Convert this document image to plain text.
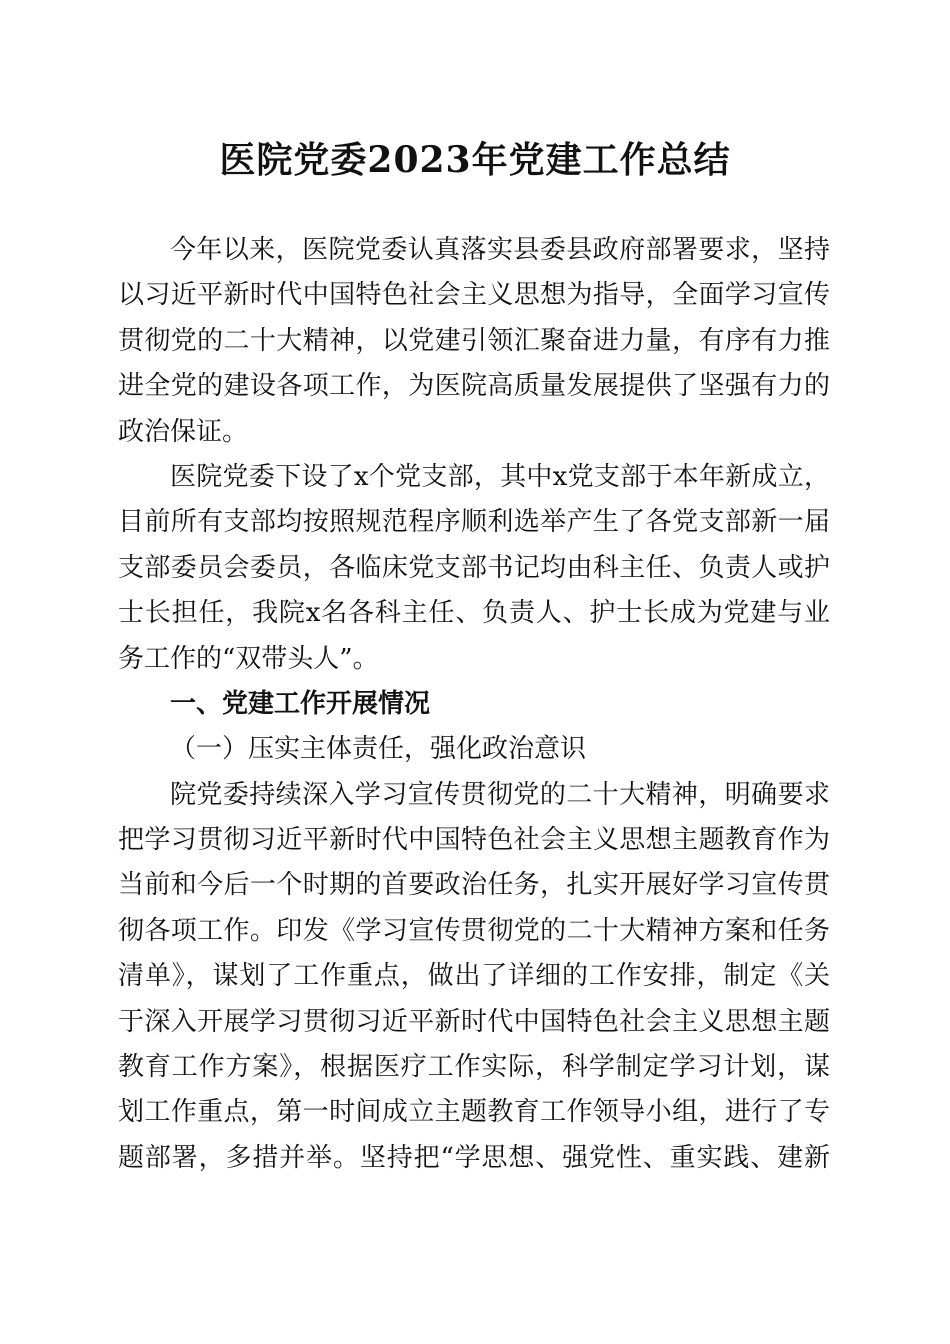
医院党委2023年党建工作总结
今年以来，医院党委认真落实县委县政府部署要求，坚持
以习近平新时代中国特色社会主义思想为指导，全面学习宣传
贯彻党的二十大精神，以党建引领汇聚奋进力量，有序有力推
进全党的建设各项工作，为医院高质量发展提供了坚强有力的
政治保证。
医院党委下设了x个党支部，其中x党支部于本年新成立，
目前所有支部均按照规范程序顺利选举产生了各党支部新一届
支部委员会委员，各临床党支部书记均由科主任、负责人或护
士长担任，我院x名各科主任、负责人、护士长成为党建与业
务工作的“双带头人”。
一、党建工作开展情况
（一）压实主体责任，强化政治意识
院党委持续深入学习宣传贯彻党的二十大精神，明确要求
把学习贯彻习近平新时代中国特色社会主义思想主题教育作为
当前和今后一个时期的首要政治任务，扎实开展好学习宣传贯
彻各项工作。印发《学习宣传贯彻党的二十大精神方案和任务
清单》，谋划了工作重点，做出了详细的工作安排，制定《关
于深入开展学习贯彻习近平新时代中国特色社会主义思想主题
教育工作方案》，根据医疗工作实际，科学制定学习计划，谋
划工作重点，第一时间成立主题教育工作领导小组，进行了专
题部署，多措并举。坚持把“学思想、强党性、重实践、建新
